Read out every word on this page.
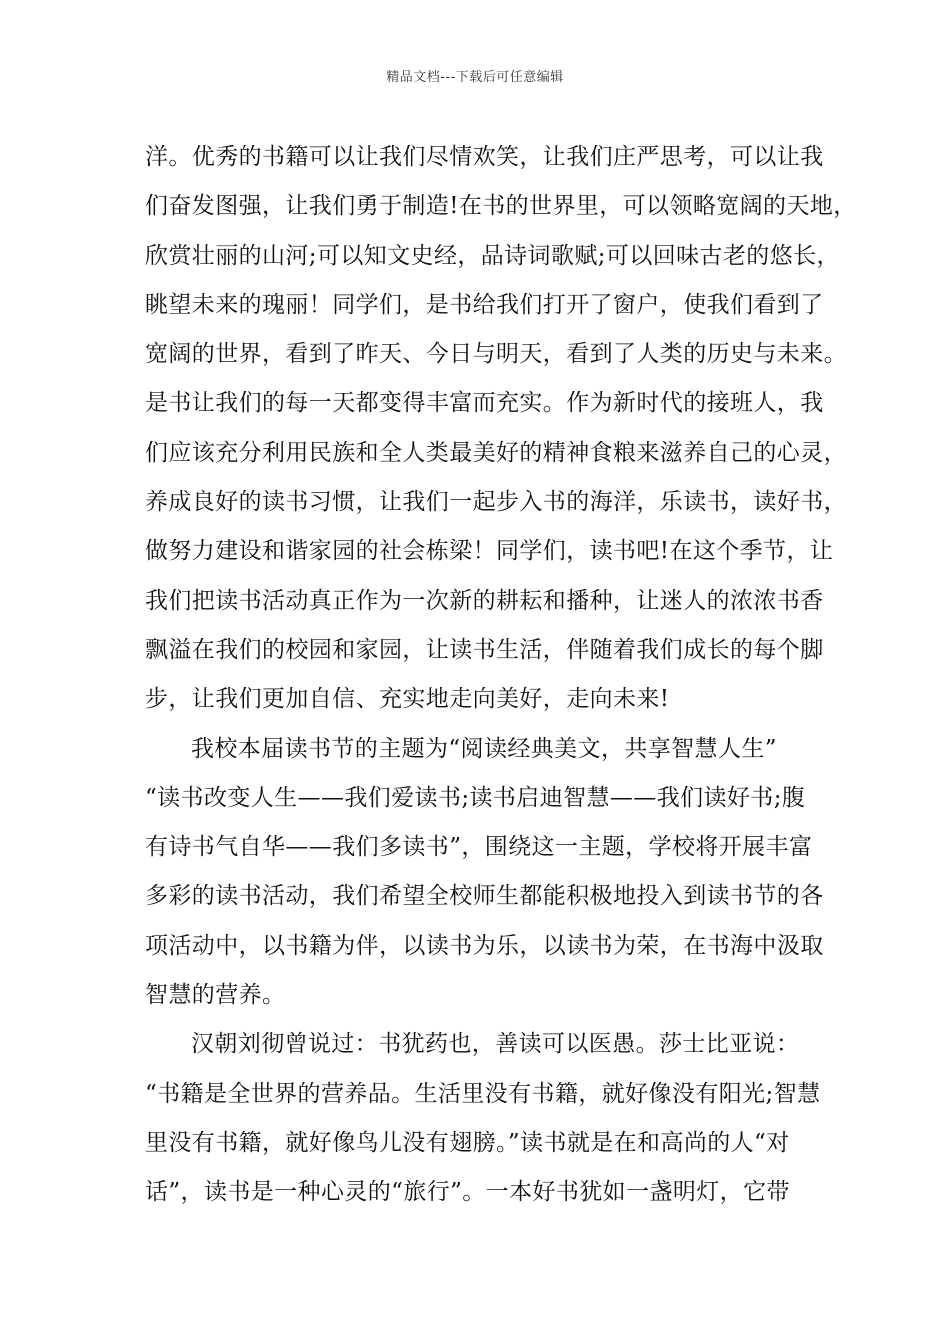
精品文档---下载后可任意编辑
洋。优秀的书籍可以让我们尽情欢笑，让我们庄严思考，可以让我
们奋发图强，让我们勇于制造!在书的世界里，可以领略宽阔的天地，
欣赏壮丽的山河;可以知文史经，品诗词歌赋;可以回味古老的悠长，
眺望未来的瑰丽！同学们，是书给我们打开了窗户，使我们看到了
宽阔的世界，看到了昨天、今日与明天，看到了人类的历史与未来。
是书让我们的每一天都变得丰富而充实。作为新时代的接班人，我
们应该充分利用民族和全人类最美好的精神食粮来滋养自己的心灵，
养成良好的读书习惯，让我们一起步入书的海洋，乐读书，读好书，
做努力建设和谐家园的社会栋梁！同学们，读书吧!在这个季节，让
我们把读书活动真正作为一次新的耕耘和播种，让迷人的浓浓书香
飘溢在我们的校园和家园，让读书生活，伴随着我们成长的每个脚
步，让我们更加自信、充实地走向美好，走向未来!
我校本届读书节的主题为“阅读经典美文，共享智慧人生”
“读书改变人生——我们爱读书;读书启迪智慧——我们读好书;腹
有诗书气自华——我们多读书”，围绕这一主题，学校将开展丰富
多彩的读书活动，我们希望全校师生都能积极地投入到读书节的各
项活动中，以书籍为伴，以读书为乐，以读书为荣，在书海中汲取
智慧的营养。
汉朝刘彻曾说过：书犹药也，善读可以医愚。莎士比亚说：
“书籍是全世界的营养品。生活里没有书籍，就好像没有阳光;智慧
里没有书籍，就好像鸟儿没有翅膀。”读书就是在和高尚的人“对
话”，读书是一种心灵的“旅行”。一本好书犹如一盏明灯，它带
